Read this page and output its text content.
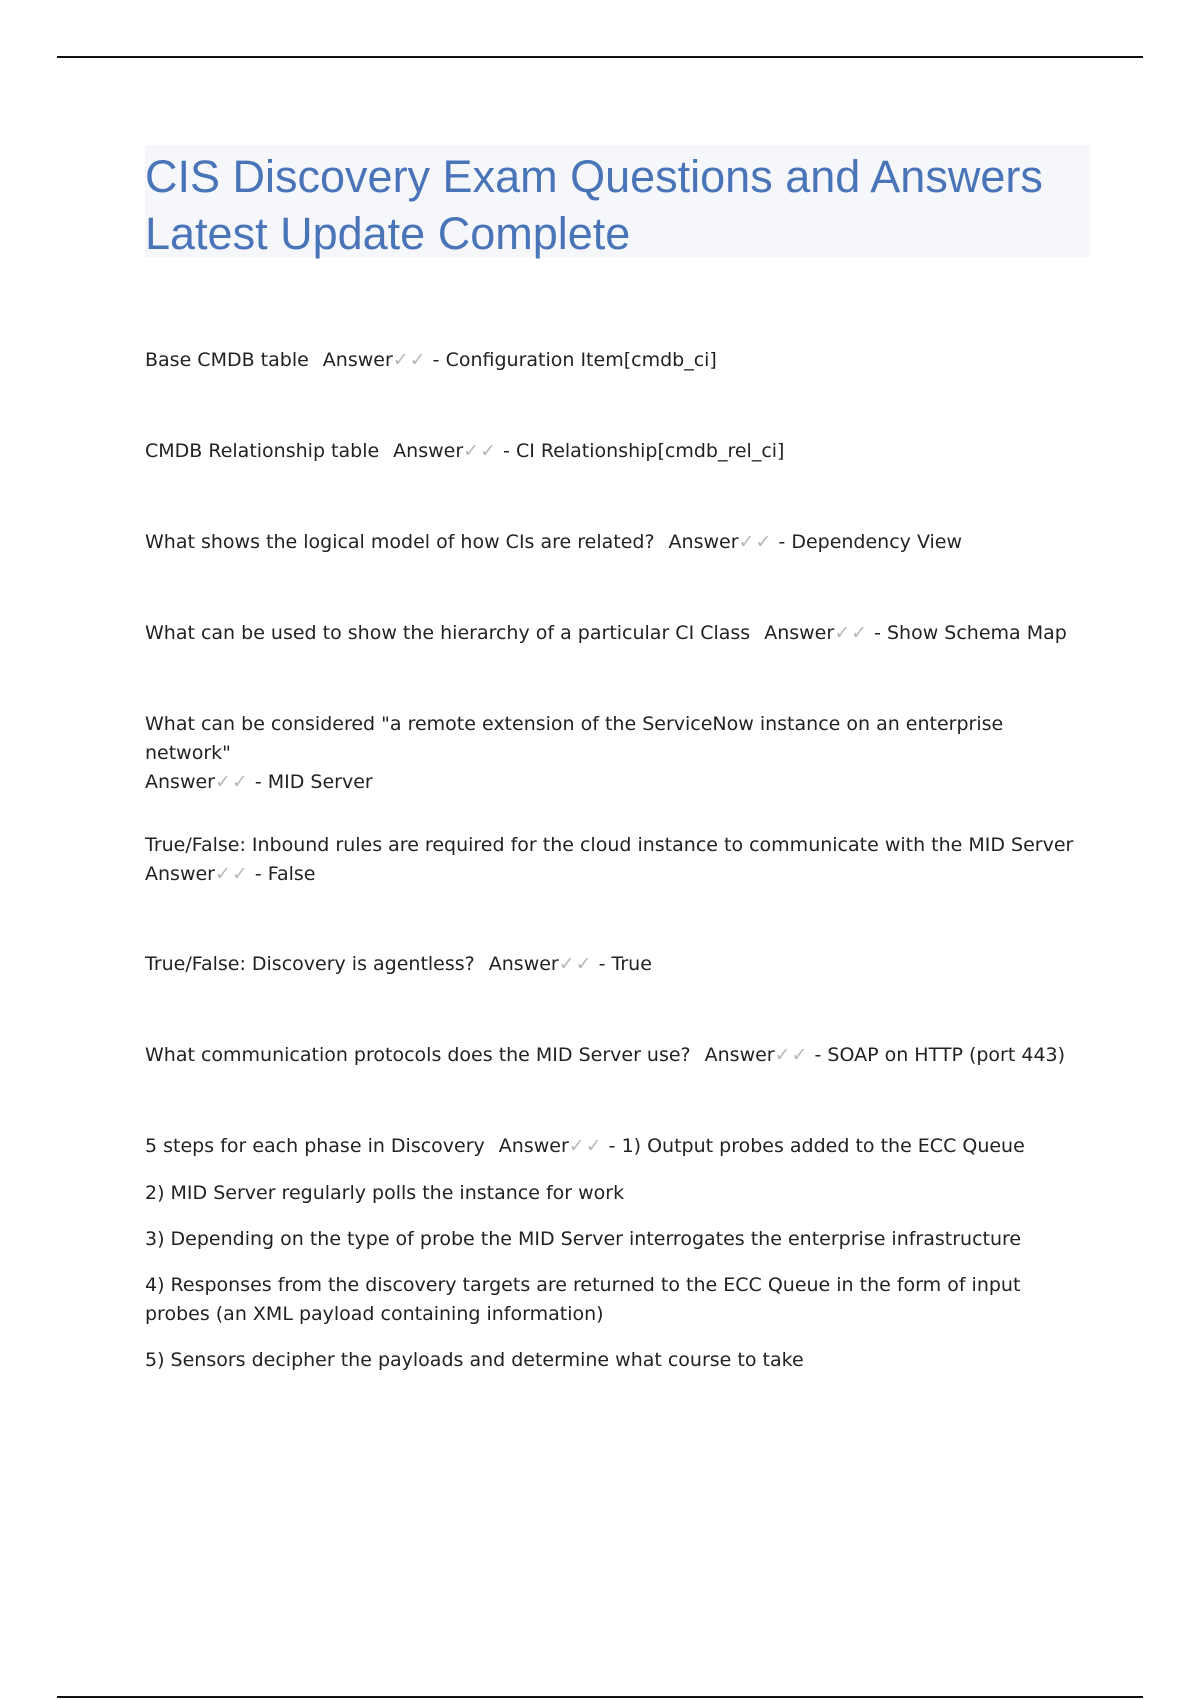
CIS Discovery Exam Questions and Answers Latest Update Complete

Base CMDB table Answer✓✓ - Configuration Item[cmdb_ci]

CMDB Relationship table Answer✓✓ - CI Relationship[cmdb_rel_ci]

What shows the logical model of how CIs are related? Answer✓✓ - Dependency View

What can be used to show the hierarchy of a particular CI Class Answer✓✓ - Show Schema Map

What can be considered "a remote extension of the ServiceNow instance on an enterprise network"
Answer✓✓ - MID Server

True/False: Inbound rules are required for the cloud instance to communicate with the MID Server
Answer✓✓ - False

True/False: Discovery is agentless? Answer✓✓ - True

What communication protocols does the MID Server use? Answer✓✓ - SOAP on HTTP (port 443)

5 steps for each phase in Discovery Answer✓✓ - 1) Output probes added to the ECC Queue

2) MID Server regularly polls the instance for work
3) Depending on the type of probe the MID Server interrogates the enterprise infrastructure
4) Responses from the discovery targets are returned to the ECC Queue in the form of input probes (an XML payload containing information)
5) Sensors decipher the payloads and determine what course to take
